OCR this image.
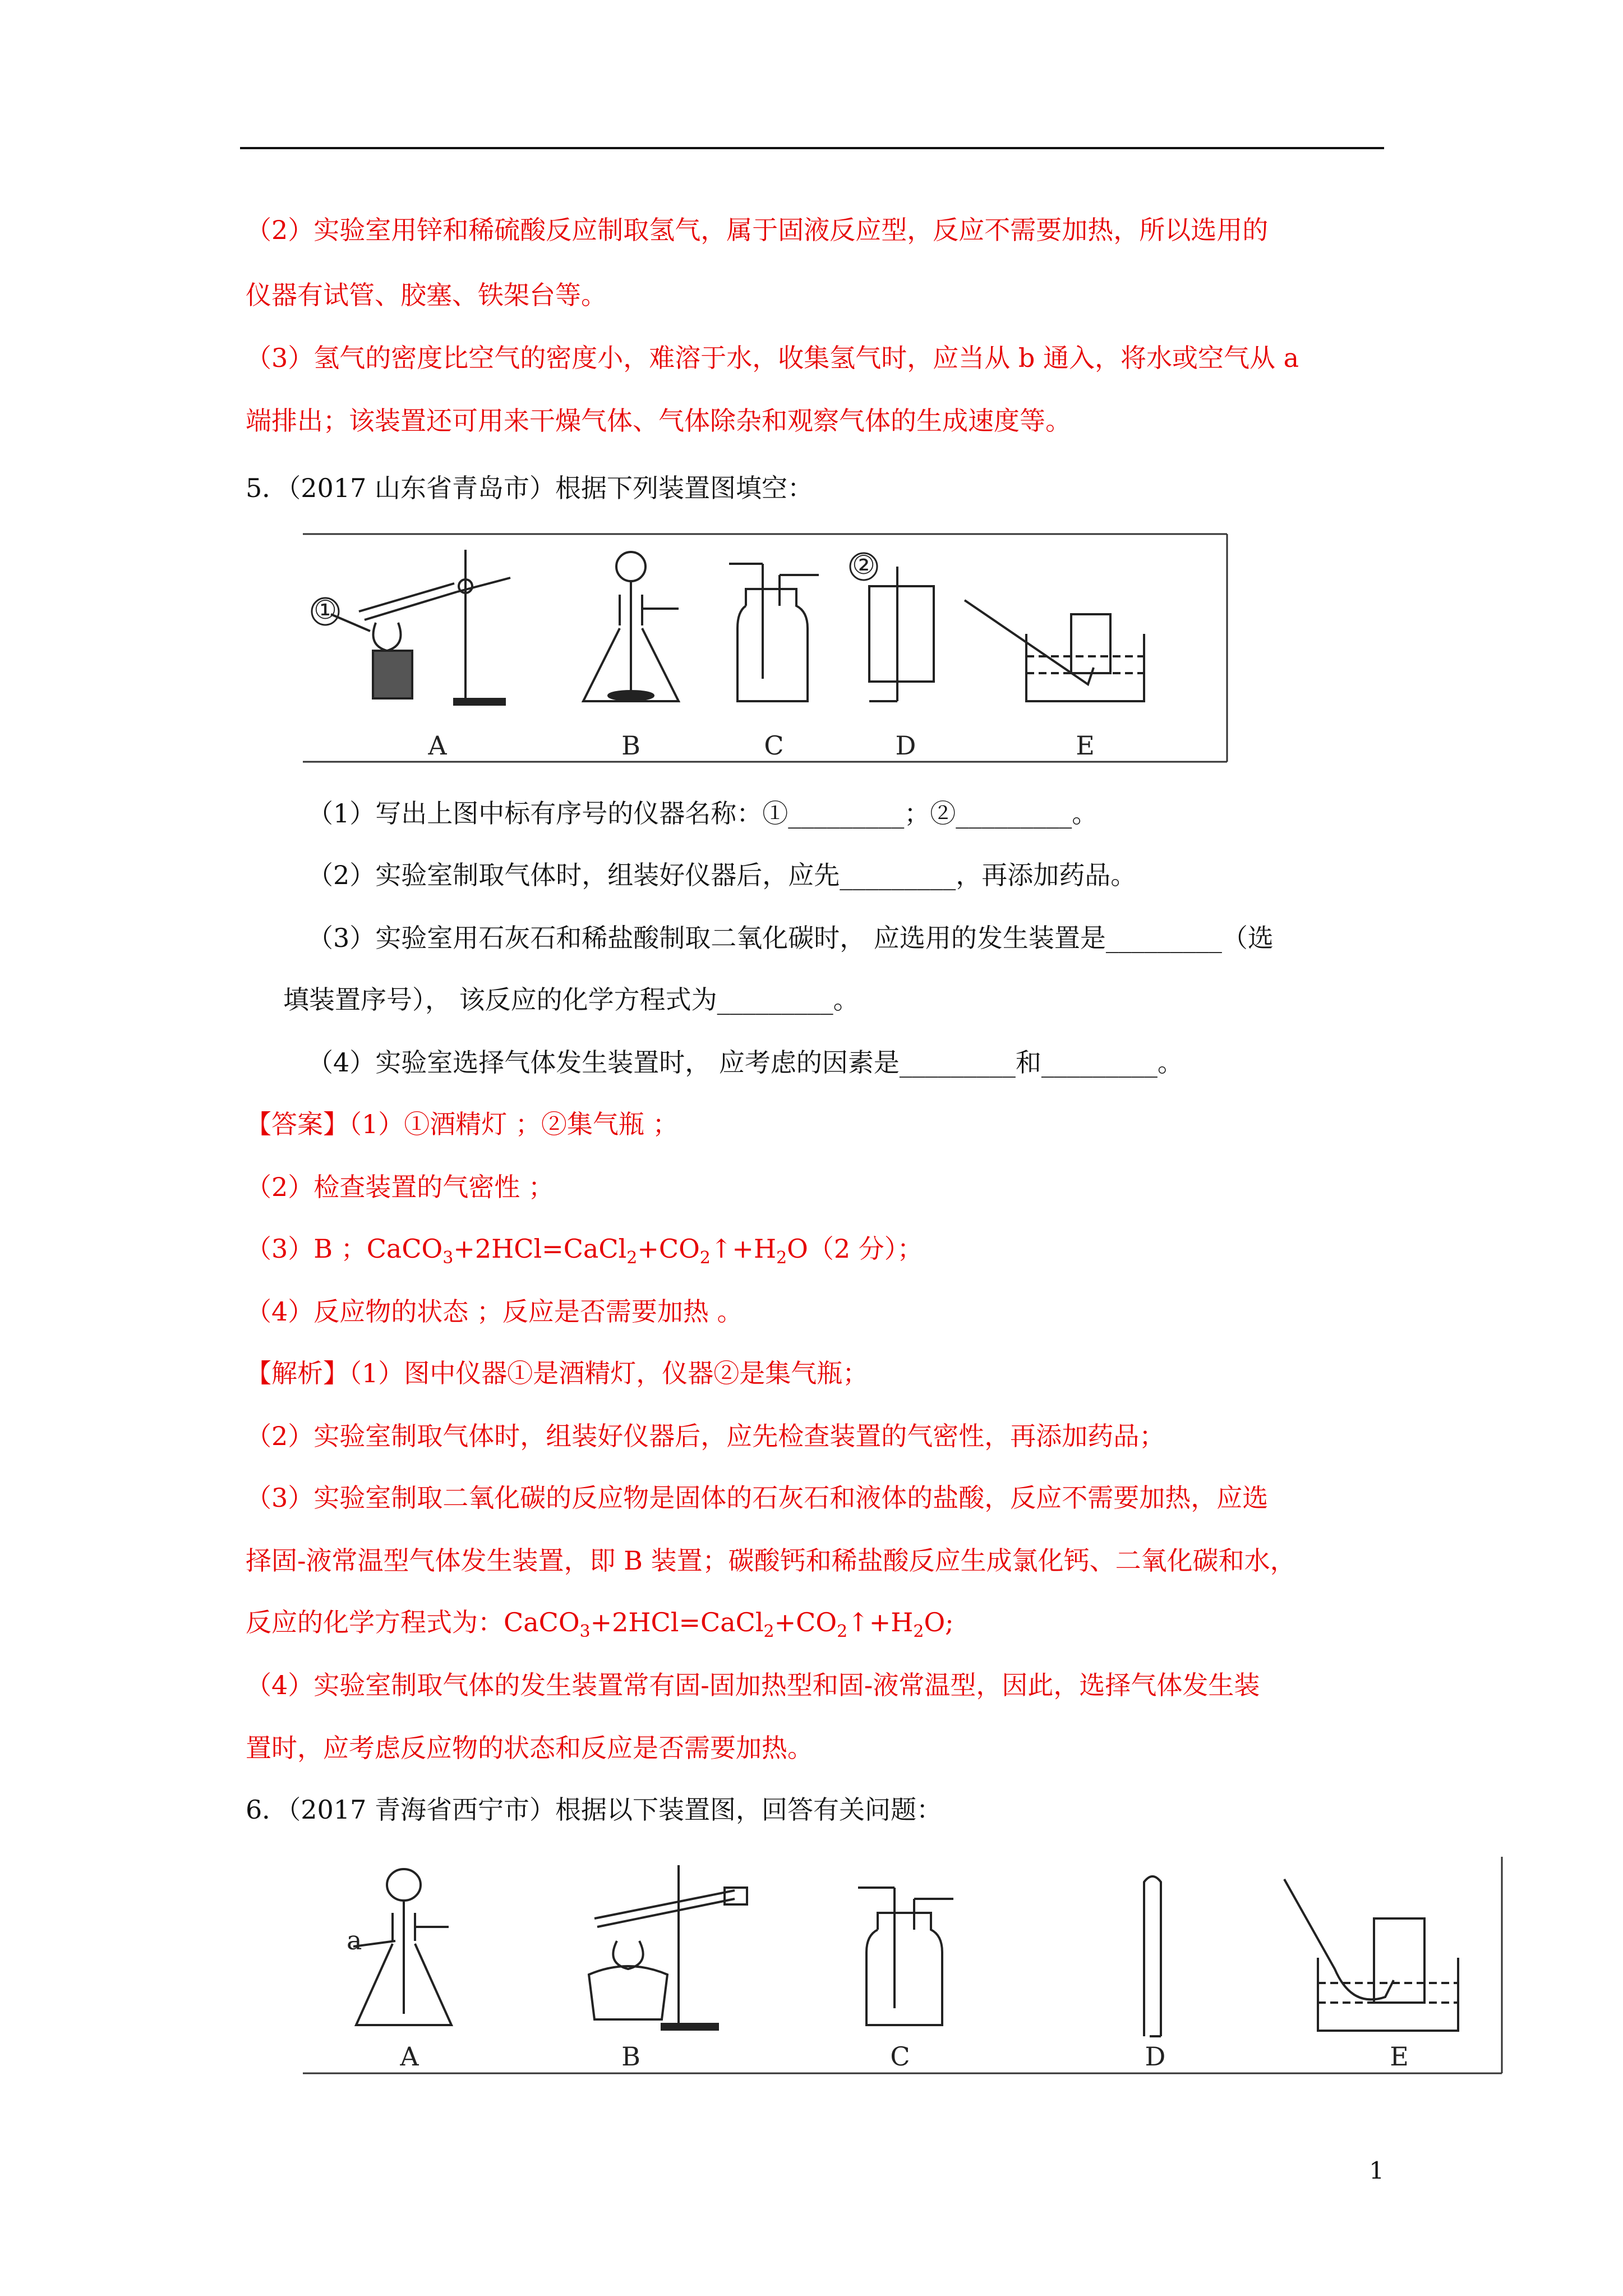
（2）实验室用锌和稀硫酸反应制取氢气，属于固液反应型，反应不需要加热，所以选用的
仪器有试管、胶塞、铁架台等。
（3）氢气的密度比空气的密度小，难溶于水，收集氢气时，应当从 b 通入，将水或空气从 a
端排出；该装置还可用来干燥气体、气体除杂和观察气体的生成速度等。
5．（2017 山东省青岛市）根据下列装置图填空：
①
②
A	B	C	D	E
（1）写出上图中标有序号的仪器名称：①_________；②_________。
（2）实验室制取气体时，组装好仪器后，应先_________，再添加药品。
（3）实验室用石灰石和稀盐酸制取二氧化碳时， 应选用的发生装置是_________（选
填装置序号）， 该反应的化学方程式为_________。
（4）实验室选择气体发生装置时， 应考虑的因素是_________和_________。
【答案】（1）①酒精灯 ；②集气瓶 ；
（2）检查装置的气密性 ；
（3）B ；$CaCO_3+2HCl=CaCl_2+CO_2↑+H_2O(2$ 分）；
（4）反应物的状态 ；反应是否需要加热 。
【解析】（1）图中仪器①是酒精灯，仪器②是集气瓶；
（2）实验室制取气体时，组装好仪器后，应先检查装置的气密性，再添加药品；
（3）实验室制取二氧化碳的反应物是固体的石灰石和液体的盐酸，反应不需要加热，应选
择固-液常温型气体发生装置，即 B 装置；碳酸钙和稀盐酸反应生成氯化钙、二氧化碳和水，
反应的化学方程式为：$CaCO_3+2HCl=CaCl_2+CO_2↑+H_2O$;
（4）实验室制取气体的发生装置常有固-固加热型和固-液常温型，因此，选择气体发生装
置时，应考虑反应物的状态和反应是否需要加热。
6．（2017 青海省西宁市）根据以下装置图，回答有关问题：
a
A	B	C	D	E
1
